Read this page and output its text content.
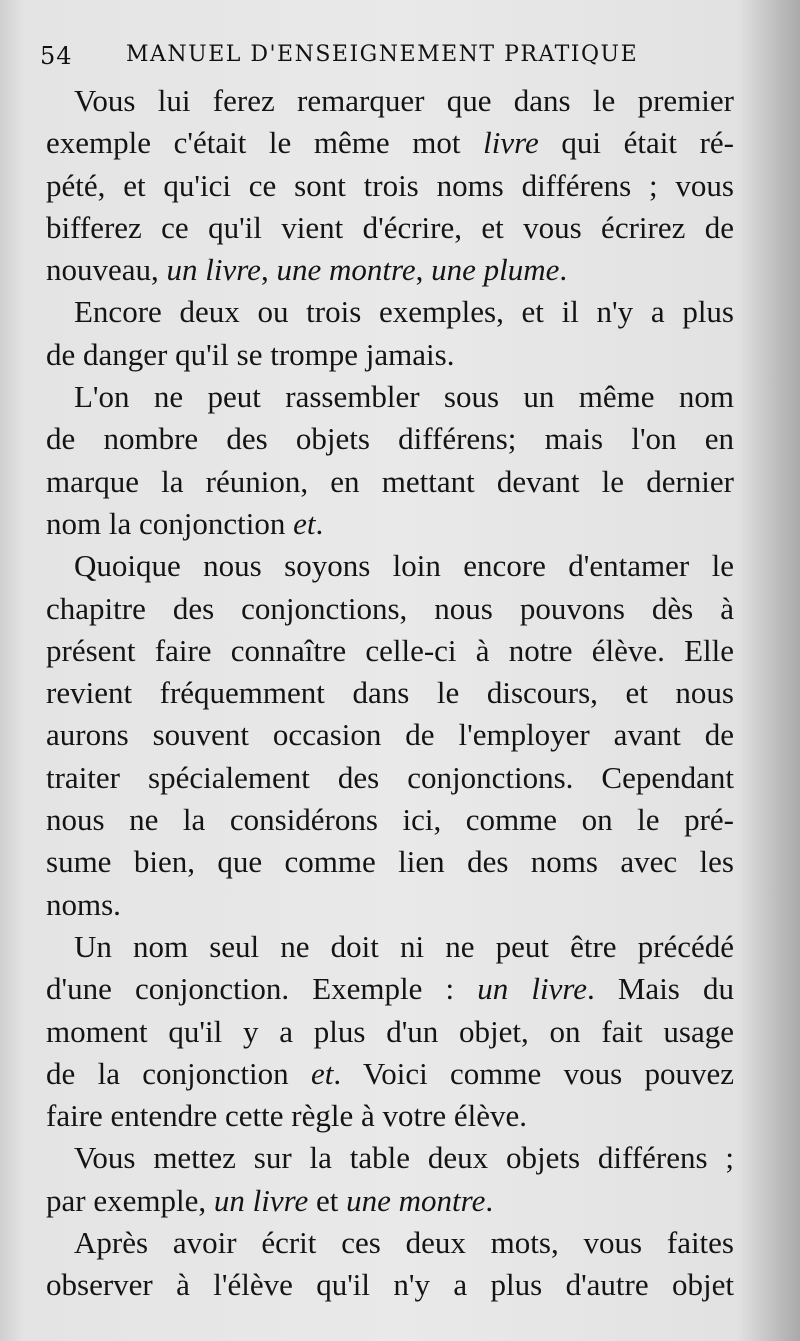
54 MANUEL D'ENSEIGNEMENT PRATIQUE
Vous lui ferez remarquer que dans le premier
exemple c'était le même mot livre qui était ré-
pété, et qu'ici ce sont trois noms différens ; vous
bifferez ce qu'il vient d'écrire, et vous écrirez de
nouveau, un livre, une montre, une plume.
Encore deux ou trois exemples, et il n'y a plus
de danger qu'il se trompe jamais.
L'on ne peut rassembler sous un même nom
de nombre des objets différens; mais l'on en
marque la réunion, en mettant devant le dernier
nom la conjonction et.
Quoique nous soyons loin encore d'entamer le
chapitre des conjonctions, nous pouvons dès à
présent faire connaître celle-ci à notre élève. Elle
revient fréquemment dans le discours, et nous
aurons souvent occasion de l'employer avant de
traiter spécialement des conjonctions. Cependant
nous ne la considérons ici, comme on le pré-
sume bien, que comme lien des noms avec les
noms.
Un nom seul ne doit ni ne peut être précédé
d'une conjonction. Exemple : un livre. Mais du
moment qu'il y a plus d'un objet, on fait usage
de la conjonction et. Voici comme vous pouvez
faire entendre cette règle à votre élève.
Vous mettez sur la table deux objets différens ;
par exemple, un livre et une montre.
Après avoir écrit ces deux mots, vous faites
observer à l'élève qu'il n'y a plus d'autre objet
